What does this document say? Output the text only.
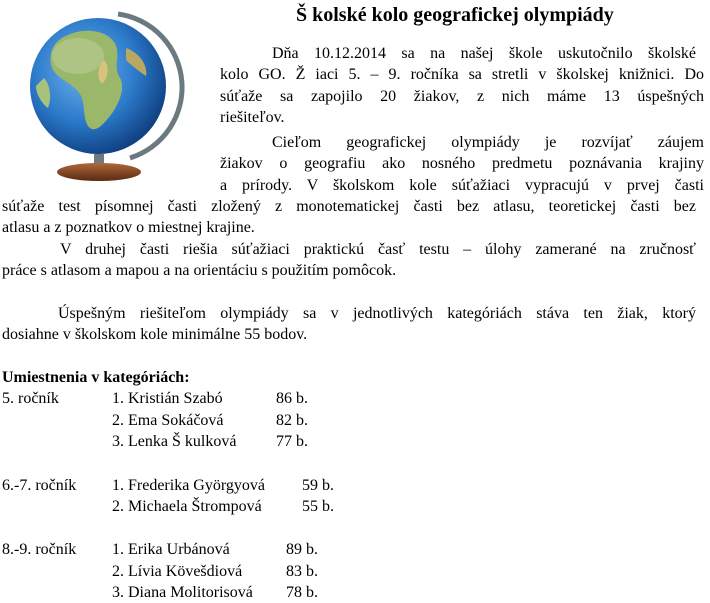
Š kolské kolo geografickej olympiády
Dňa 10.12.2014 sa na našej škole uskutočnilo školské
kolo GO. Ž iaci 5. – 9. ročníka sa stretli v školskej knižnici. Do
súťaže sa zapojilo 20 žiakov, z nich máme 13 úspešných
riešiteľov.
Cieľom geografickej olympiády je rozvíjať záujem
žiakov o geografiu ako nosného predmetu poznávania krajiny
a prírody. V školskom kole súťažiaci vypracujú v prvej časti
súťaže test písomnej časti zložený z monotematickej časti bez atlasu, teoretickej časti bez
atlasu a z poznatkov o miestnej krajine.
V druhej časti riešia súťažiaci praktickú časť testu – úlohy zamerané na zručnosť
práce s atlasom a mapou a na orientáciu s použitím pomôcok.
Úspešným riešiteľom olympiády sa v jednotlivých kategóriách stáva ten žiak, ktorý
dosiahne v školskom kole minimálne 55 bodov.
Umiestnenia v kategóriách:
5. ročník	1. Kristián Szabó	86 b.
2. Ema Sokáčová	82 b.
3. Lenka Š kulková 77 b.
6.-7. ročník 1. Frederika Györgyová 59 b.
2. Michaela Štrompová	55 b.
8.-9. ročník 1. Erika Urbánová	89 b.
2. Lívia Kövešdiová	83 b.
3. Diana Molitorisová 78 b.
